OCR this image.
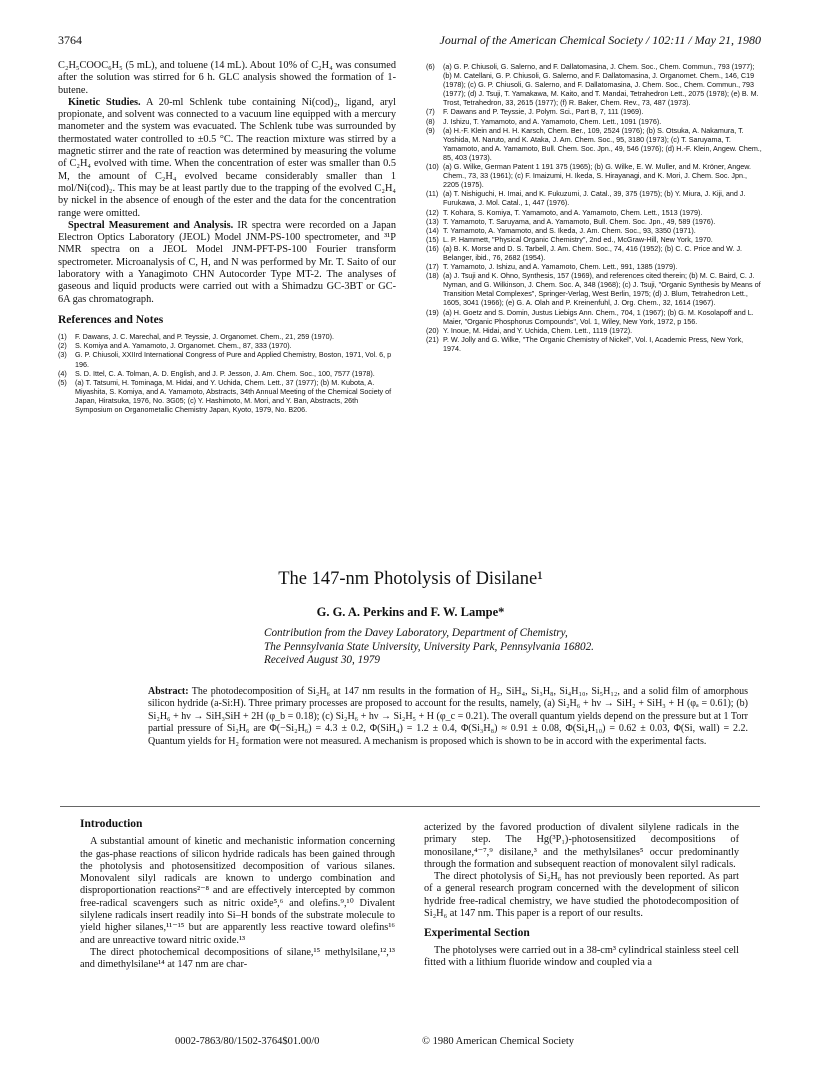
3764	Journal of the American Chemical Society / 102:11 / May 21, 1980

C₂H₅COOC₆H₅ (5 mL), and toluene (14 mL). About 10% of C₂H₄ was consumed after the solution was stirred for 6 h. GLC analysis showed the formation of 1-butene.

Kinetic Studies. A 20-ml Schlenk tube containing Ni(cod)₂, ligand, aryl propionate, and solvent was connected to a vacuum line equipped with a mercury manometer and the system was evacuated. The Schlenk tube was surrounded by thermostated water controlled to ±0.5 °C. The reaction mixture was stirred by a magnetic stirrer and the rate of reaction was determined by measuring the volume of C₂H₄ evolved with time. When the concentration of ester was smaller than 0.5 M, the amount of C₂H₄ evolved became considerably smaller than 1 mol/Ni(cod)₂. This may be at least partly due to the trapping of the evolved C₂H₄ by nickel in the absence of enough of the ester and the data for the concentration range were omitted.

Spectral Measurement and Analysis. IR spectra were recorded on a Japan Electron Optics Laboratory (JEOL) Model JNM-PS-100 spectrometer, and ³¹P NMR spectra on a JEOL Model JNM-PFT-PS-100 Fourier transform spectrometer. Microanalysis of C, H, and N was performed by Mr. T. Saito of our laboratory with a Yanagimoto CHN Autocorder Type MT-2. The analyses of gaseous and liquid products were carried out with a Shimadzu GC-3BT or GC-6A gas chromatograph.

References and Notes
(1)	F. Dawans, J. C. Marechal, and P. Teyssie, J. Organomet. Chem., 21, 259 (1970).
(2)	S. Komiya and A. Yamamoto, J. Organomet. Chem., 87, 333 (1970).
(3)	G. P. Chiusoli, XXIIrd International Congress of Pure and Applied Chemistry, Boston, 1971, Vol. 6, p 196.
(4)	S. D. Ittel, C. A. Tolman, A. D. English, and J. P. Jesson, J. Am. Chem. Soc., 100, 7577 (1978).
(5)	(a) T. Tatsumi, H. Tominaga, M. Hidai, and Y. Uchida, Chem. Lett., 37 (1977); (b) M. Kubota, A. Miyashita, S. Komiya, and A. Yamamoto, Abstracts, 34th Annual Meeting of the Chemical Society of Japan, Hiratsuka, 1976, No. 3G05; (c) Y. Hashimoto, M. Mori, and Y. Ban, Abstracts, 26th Symposium on Organometallic Chemistry Japan, Kyoto, 1979, No. B206.
(6)	(a) G. P. Chiusoli, G. Salerno, and F. Dallatomasina, J. Chem. Soc., Chem. Commun., 793 (1977); (b) M. Catellani, G. P. Chiusoli, G. Salerno, and F. Dallatomasina, J. Organomet. Chem., 146, C19 (1978); (c) G. P. Chiusoli, G. Salerno, and F. Dallatomasina, J. Chem. Soc., Chem. Commun., 793 (1977); (d) J. Tsuji, T. Yamakawa, M. Kaito, and T. Mandai, Tetrahedron Lett., 2075 (1978); (e) B. M. Trost, Tetrahedron, 33, 2615 (1977); (f) R. Baker, Chem. Rev., 73, 487 (1973).
(7)	F. Dawans and P. Teyssie, J. Polym. Sci., Part B, 7, 111 (1969).
(8)	J. Ishizu, T. Yamamoto, and A. Yamamoto, Chem. Lett., 1091 (1976).
(9)	(a) H.-F. Klein and H. H. Karsch, Chem. Ber., 109, 2524 (1976); (b) S. Otsuka, A. Nakamura, T. Yoshida, M. Naruto, and K. Ataka, J. Am. Chem. Soc., 95, 3180 (1973); (c) T. Saruyama, T. Yamamoto, and A. Yamamoto, Bull. Chem. Soc. Jpn., 49, 546 (1976); (d) H.-F. Klein, Angew. Chem., 85, 403 (1973).
(10) (a) G. Wilke, German Patent 1 191 375 (1965); (b) G. Wilke, E. W. Muller, and M. Kröner, Angew. Chem., 73, 33 (1961); (c) F. Imaizumi, H. Ikeda, S. Hirayanagi, and K. Mori, J. Chem. Soc. Jpn., 2205 (1975).
(11) (a) T. Nishiguchi, H. Imai, and K. Fukuzumi, J. Catal., 39, 375 (1975); (b) Y. Miura, J. Kiji, and J. Furukawa, J. Mol. Catal., 1, 447 (1976).
(12) T. Kohara, S. Komiya, T. Yamamoto, and A. Yamamoto, Chem. Lett., 1513 (1979).
(13) T. Yamamoto, T. Saruyama, and A. Yamamoto, Bull. Chem. Soc. Jpn., 49, 589 (1976).
(14) T. Yamamoto, A. Yamamoto, and S. Ikeda, J. Am. Chem. Soc., 93, 3350 (1971).
(15) L. P. Hammett, "Physical Organic Chemistry", 2nd ed., McGraw-Hill, New York, 1970.
(16) (a) B. K. Morse and D. S. Tarbell, J. Am. Chem. Soc., 74, 416 (1952); (b) C. C. Price and W. J. Belanger, ibid., 76, 2682 (1954).
(17) T. Yamamoto, J. Ishizu, and A. Yamamoto, Chem. Lett., 991, 1385 (1979).
(18) (a) J. Tsuji and K. Ohno, Synthesis, 157 (1969), and references cited therein; (b) M. C. Baird, C. J. Nyman, and G. Wilkinson, J. Chem. Soc. A, 348 (1968); (c) J. Tsuji, "Organic Synthesis by Means of Transition Metal Complexes", Springer-Verlag, West Berlin, 1975; (d) J. Blum, Tetrahedron Lett., 1605, 3041 (1966); (e) G. A. Olah and P. Kreinenfuhl, J. Org. Chem., 32, 1614 (1967).
(19) (a) H. Goetz and S. Domin, Justus Liebigs Ann. Chem., 704, 1 (1967); (b) G. M. Kosolapoff and L. Maier, "Organic Phosphorus Compounds", Vol. 1, Wiley, New York, 1972, p 156.
(20) Y. Inoue, M. Hidai, and Y. Uchida, Chem. Lett., 1119 (1972).
(21) P. W. Jolly and G. Wilke, "The Organic Chemistry of Nickel", Vol. I, Academic Press, New York, 1974.
The 147-nm Photolysis of Disilane¹
G. G. A. Perkins and F. W. Lampe*
Contribution from the Davey Laboratory, Department of Chemistry,
The Pennsylvania State University, University Park, Pennsylvania 16802.
Received August 30, 1979
Abstract: The photodecomposition of Si₂H₆ at 147 nm results in the formation of H₂, SiH₄, Si₃H₈, Si₄H₁₀, Si₅H₁₂, and a solid film of amorphous silicon hydride (a-Si:H). Three primary processes are proposed to account for the results, namely, (a) Si₂H₆ + hν → SiH₂ + SiH₃ + H (φₐ = 0.61); (b) Si₂H₆ + hν → SiH₃SiH + 2H (φ_b = 0.18); (c) Si₂H₆ + hν → Si₂H₅ + H (φ_c = 0.21). The overall quantum yields depend on the pressure but at 1 Torr partial pressure of Si₂H₆ are Φ(−Si₂H₆) = 4.3 ± 0.2, Φ(SiH₄) = 1.2 ± 0.4, Φ(Si₃H₈) ≈ 0.91 ± 0.08, Φ(Si₄H₁₀) = 0.62 ± 0.03, Φ(Si, wall) = 2.2. Quantum yields for H₂ formation were not measured. A mechanism is proposed which is shown to be in accord with the experimental facts.
Introduction

A substantial amount of kinetic and mechanistic information concerning the gas-phase reactions of silicon hydride radicals has been gained through the photolysis and photosensitized decomposition of various silanes. Monovalent silyl radicals are known to undergo combination and disproportionation reactions²⁻⁸ and are effectively intercepted by common free-radical scavengers such as nitric oxide⁵,⁶ and olefins.⁹,¹⁰ Divalent silylene radicals insert readily into Si–H bonds of the substrate molecule to yield higher silanes,¹¹⁻¹⁵ but are apparently less reactive toward olefins¹⁶ and are unreactive toward nitric oxide.¹³

The direct photochemical decompositions of silane,¹⁵ methylsilane,¹²,¹³ and dimethylsilane¹⁴ at 147 nm are char-

acterized by the favored production of divalent silylene radicals in the primary step. The Hg(³P₁)-photosensitized decompositions of monosilane,⁴⁻⁷,⁹ disilane,³ and the methylsilanes⁵ occur predominantly through the formation and subsequent reaction of monovalent silyl radicals.

The direct photolysis of Si₂H₆ has not previously been reported. As part of a general research program concerned with the development of silicon hydride free-radical chemistry, we have studied the photodecomposition of Si₂H₆ at 147 nm. This paper is a report of our results.

Experimental Section

The photolyses were carried out in a 38-cm³ cylindrical stainless steel cell fitted with a lithium fluoride window and coupled via a

0002-7863/80/1502-3764$01.00/0	© 1980 American Chemical Society
